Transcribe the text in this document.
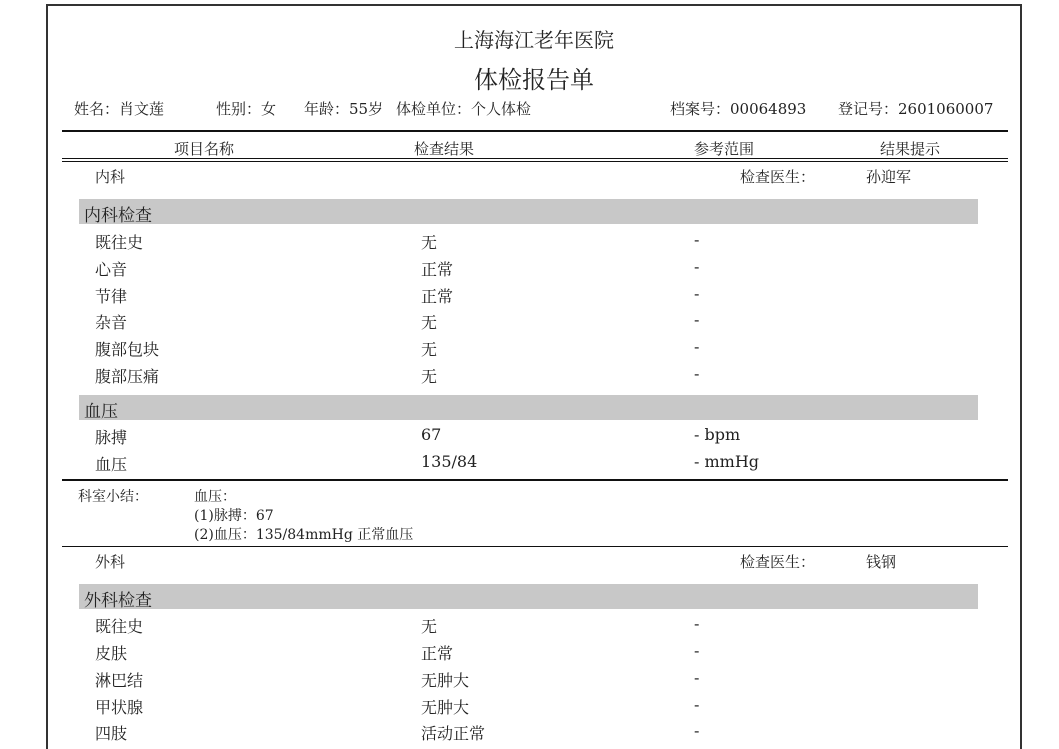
上海海江老年医院
体检报告单
姓名：肖文莲	性别：女 年龄：55岁 体检单位：个人体检	档案号：00064893 登记号：2601060007
项目名称	检查结果	参考范围	结果提示
内科	检查医生：	孙迎军
内科检查
既往史	无	-
心音	正常	-
节律	正常	-
杂音	无	-
腹部包块	无	-
腹部压痛	无	-
血压
脉搏	67	- bpm
血压	135/84	- mmHg
科室小结：	血压：
(1)脉搏：67
(2)血压：135/84mmHg 正常血压
外科	检查医生：	钱钢
外科检查
既往史	无	-
皮肤	正常	-
淋巴结	无肿大	-
甲状腺	无肿大	-
四肢	活动正常	-
